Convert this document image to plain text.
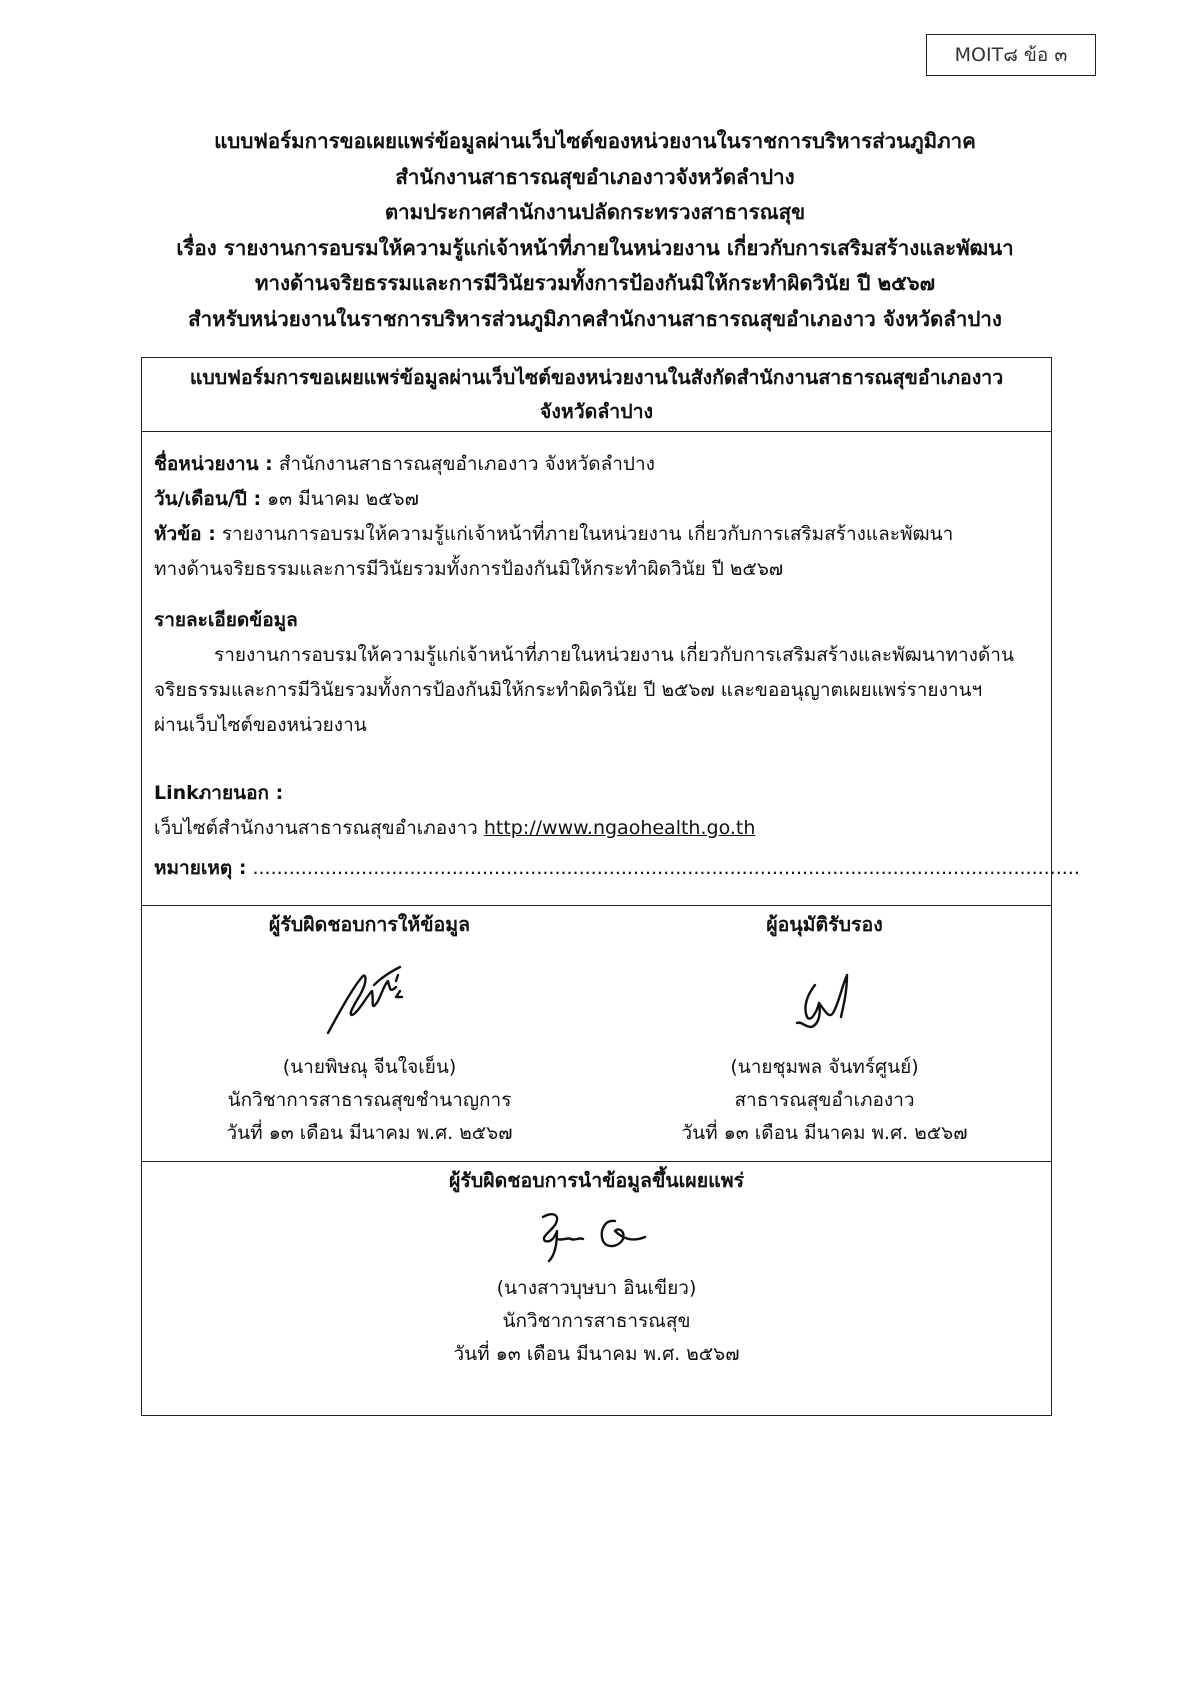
MOIT๘ ข้อ ๓
แบบฟอร์มการขอเผยแพร่ข้อมูลผ่านเว็บไซต์ของหน่วยงานในราชการบริหารส่วนภูมิภาค
สำนักงานสาธารณสุขอำเภองาวจังหวัดลำปาง
ตามประกาศสำนักงานปลัดกระทรวงสาธารณสุข
เรื่อง รายงานการอบรมให้ความรู้แก่เจ้าหน้าที่ภายในหน่วยงาน เกี่ยวกับการเสริมสร้างและพัฒนา
ทางด้านจริยธรรมและการมีวินัยรวมทั้งการป้องกันมิให้กระทำผิดวินัย ปี ๒๕๖๗
สำหรับหน่วยงานในราชการบริหารส่วนภูมิภาคสำนักงานสาธารณสุขอำเภองาว จังหวัดลำปาง
แบบฟอร์มการขอเผยแพร่ข้อมูลผ่านเว็บไซต์ของหน่วยงานในสังกัดสำนักงานสาธารณสุขอำเภองาว
จังหวัดลำปาง
ชื่อหน่วยงาน : สำนักงานสาธารณสุขอำเภองาว จังหวัดลำปาง
วัน/เดือน/ปี : ๑๓ มีนาคม ๒๕๖๗
หัวข้อ : รายงานการอบรมให้ความรู้แก่เจ้าหน้าที่ภายในหน่วยงาน เกี่ยวกับการเสริมสร้างและพัฒนา
ทางด้านจริยธรรมและการมีวินัยรวมทั้งการป้องกันมิให้กระทำผิดวินัย ปี ๒๕๖๗
รายละเอียดข้อมูล
รายงานการอบรมให้ความรู้แก่เจ้าหน้าที่ภายในหน่วยงาน เกี่ยวกับการเสริมสร้างและพัฒนาทางด้าน
จริยธรรมและการมีวินัยรวมทั้งการป้องกันมิให้กระทำผิดวินัย ปี ๒๕๖๗ และขออนุญาตเผยแพร่รายงานฯ
ผ่านเว็บไซต์ของหน่วยงาน
Linkภายนอก :
เว็บไซต์สำนักงานสาธารณสุขอำเภองาว http://www.ngaohealth.go.th
หมายเหตุ : .........................................................................................................................................
ผู้รับผิดชอบการให้ข้อมูล
(นายพิษณุ จีนใจเย็น)
นักวิชาการสาธารณสุขชำนาญการ
วันที่ ๑๓ เดือน มีนาคม พ.ศ. ๒๕๖๗
ผู้อนุมัติรับรอง
(นายชุมพล จันทร์ศูนย์)
สาธารณสุขอำเภองาว
วันที่ ๑๓ เดือน มีนาคม พ.ศ. ๒๕๖๗
ผู้รับผิดชอบการนำข้อมูลขึ้นเผยแพร่
(นางสาวบุษบา อินเขียว)
นักวิชาการสาธารณสุข
วันที่ ๑๓ เดือน มีนาคม พ.ศ. ๒๕๖๗
